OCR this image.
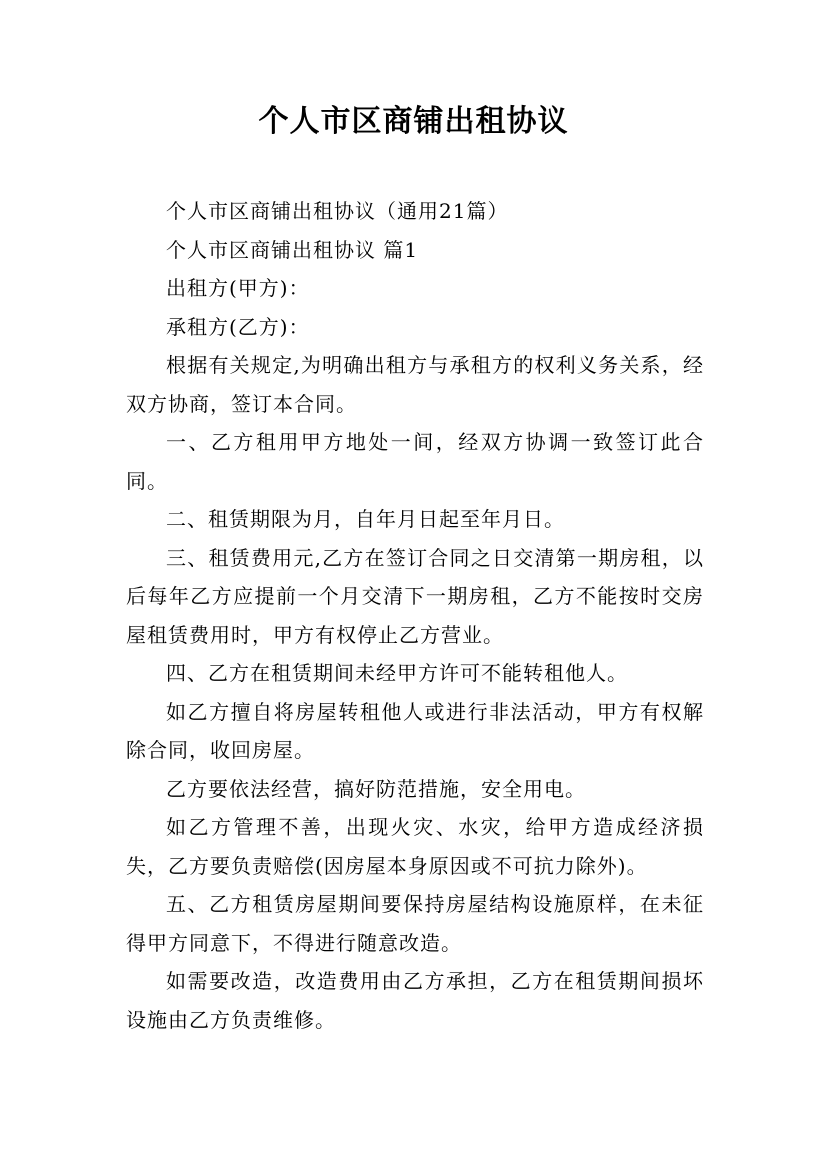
个人市区商铺出租协议

个人市区商铺出租协议（通用21篇）

个人市区商铺出租协议 篇1

出租方(甲方)：

承租方(乙方)：

根据有关规定,为明确出租方与承租方的权利义务关系，经双方协商，签订本合同。

一、乙方租用甲方地处一间，经双方协调一致签订此合同。

二、租赁期限为月，自年月日起至年月日。

三、租赁费用元,乙方在签订合同之日交清第一期房租，以后每年乙方应提前一个月交清下一期房租，乙方不能按时交房屋租赁费用时，甲方有权停止乙方营业。

四、乙方在租赁期间未经甲方许可不能转租他人。

如乙方擅自将房屋转租他人或进行非法活动，甲方有权解除合同，收回房屋。

乙方要依法经营，搞好防范措施，安全用电。

如乙方管理不善，出现火灾、水灾，给甲方造成经济损失，乙方要负责赔偿(因房屋本身原因或不可抗力除外)。

五、乙方租赁房屋期间要保持房屋结构设施原样，在未征得甲方同意下，不得进行随意改造。

如需要改造，改造费用由乙方承担，乙方在租赁期间损坏设施由乙方负责维修。
